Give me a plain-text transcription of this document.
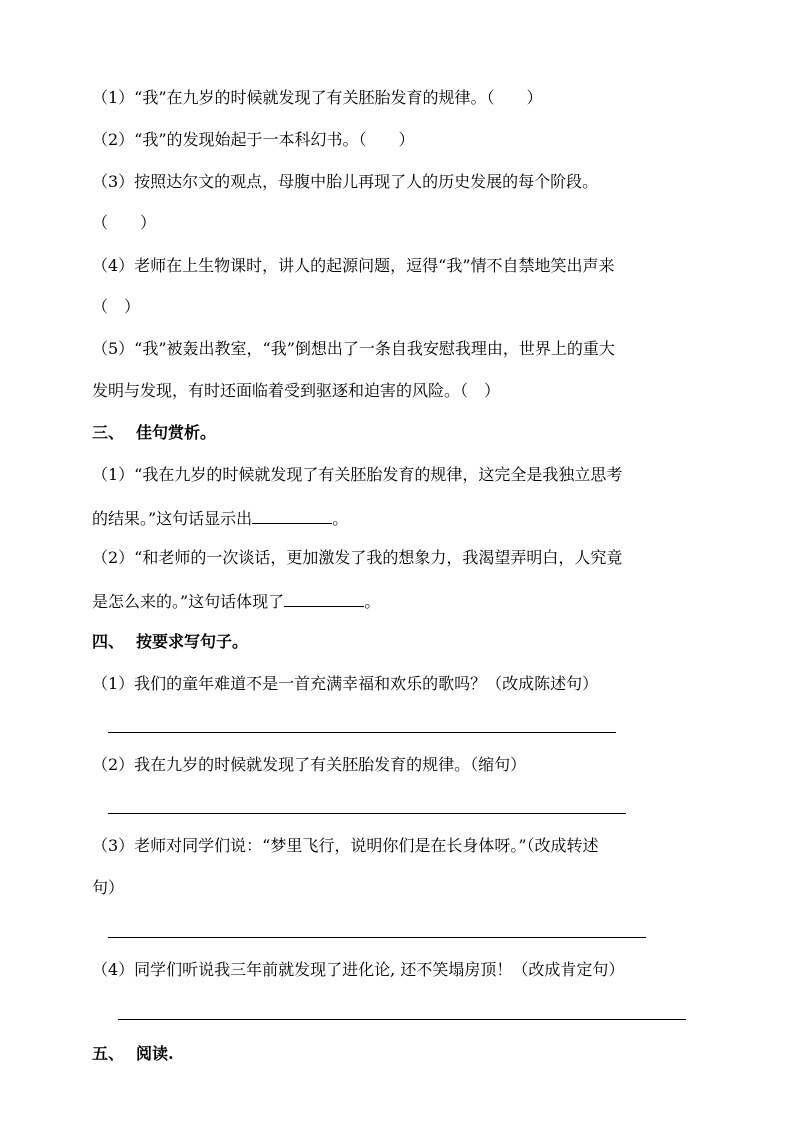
（1）“我”在九岁的时候就发现了有关胚胎发育的规律。（　　）
（2）“我”的发现始起于一本科幻书。（　　）
（3）按照达尔文的观点，母腹中胎儿再现了人的历史发展的每个阶段。
（　　）
（4）老师在上生物课时，讲人的起源问题，逗得“我”情不自禁地笑出声来
（　）
（5）“我”被轰出教室，“我”倒想出了一条自我安慰我理由，世界上的重大
发明与发现，有时还面临着受到驱逐和迫害的风险。（　）
三、 佳句赏析。
（1）“我在九岁的时候就发现了有关胚胎发育的规律，这完全是我独立思考
的结果。”这句话显示出	。
（2）“和老师的一次谈话，更加激发了我的想象力，我渴望弄明白，人究竟
是怎么来的。”这句话体现了	。
四、 按要求写句子。
（1）我们的童年难道不是一首充满幸福和欢乐的歌吗？（改成陈述句）
（2）我在九岁的时候就发现了有关胚胎发育的规律。（缩句）
（3）老师对同学们说：“梦里飞行，说明你们是在长身体呀。”（改成转述
句）
（4）同学们听说我三年前就发现了进化论, 还不笑塌房顶！（改成肯定句）
五、 阅读.
